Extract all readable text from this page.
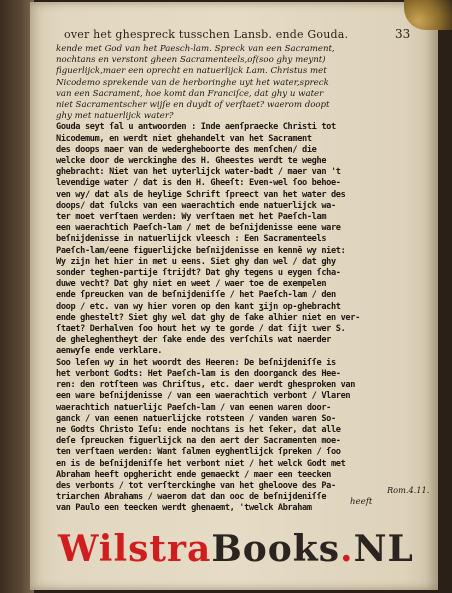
over het ghespreck tusschen Lansb. ende Gouda.	33
kende met God van het Paesch-lam. Spreck van een Sacrament,
nochtans en verstont gheen Sacramenteels,of(soo ghy meynt)
figuerlijck,maer een oprecht en natuerlijck Lam. Christus met
Nicodemo sprekende van de herboringhe uyt het water,spreck
van een Sacrament, hoe komt dan Franciſce, dat ghy u water
niet Sacramentscher wijſe en duydt of verſtaet? waerom doopt
ghy met natuerlijck water?
Gouda seyt ſal u antwoorden : Inde aenſpraecke Christi tot
Nicodemum, en werdt niet ghehandelt van het Sacrament
des doops maer van de wedergheboorte des menſchen/ die
welcke door de werckinghe des H. Gheestes werdt te weghe
ghebracht: Niet van het uyterlijck water-badt / maer van 't
levendige water / dat is den H. Gheeſt: Even-wel ſoo behoe-
ven wy/ dat als de heylige Schrift ſpreect van het water des
doops/ dat ſulcks van een waerachtich ende natuerlijck wa-
ter moet verſtaen werden: Wy verſtaen met het Paeſch-lam
een waerachtich Paeſch-lam / met de beſnijdenisse eene ware
beſnijdenisse in natuerlijck vleesch : Een Sacramenteels
Paeſch-lam/eene figuerlijcke beſnijdenisse en kennē wy niet:
Wy zijn het hier in met u eens. Siet ghy dan wel / dat ghy
sonder teghen-partije ſtrijdt? Dat ghy tegens u eygen ſcha-
duwe vecht? Dat ghy niet en weet / waer toe de exempelen
ende ſpreucken van de beſnijdeniſſe / het Paeſch-lam / den
doop / etc. van wy hier voren op den kant ʒijn op-ghebracht
ende ghestelt? Siet ghy wel dat ghy de ſake alhier niet en ver-
ſtaet? Derhalven ſoo hout het wy te gorde / dat ſijt ɩwer S.
de gheleghentheyt der ſake ende des verſchils wat naerder
aenwyſe ende verklare.
Soo leſen wy in het woordt des Heeren: De beſnijdeniſſe is
het verbont Godts: Het Paeſch-lam is den doorganck des Hee-
ren: den rotſteen was Chriſtus, etc. daer werdt ghesproken van
een ware beſnijdenisse / van een waerachtich verbont / Vlaren
waerachtich natuerlijc Paeſch-lam / van eenen waren door-
ganck / van eenen natuerlijcke rotsteen / vanden waren So-
ne Godts Christo Ieſu: ende nochtans is het ſeker, dat alle
deſe ſpreucken figuerlijck na den aert der Sacramenten moe-
ten verſtaen werden: Want ſalmen eyghentlijck ſpreken / ſoo
en is de beſnijdeniſſe het verbont niet / het welck Godt met
Abraham heeft opghericht ende gemaeckt / maer een teecken
des verbonts / tot verſterckinghe van het gheloove des Pa-
triarchen Abrahams / waerom dat dan ooc de beſnijdeniſſe
van Paulo een teecken werdt ghenaemt, 'twelck Abraham
Rom.4.11.
heeft
WilstraBooks.NL
